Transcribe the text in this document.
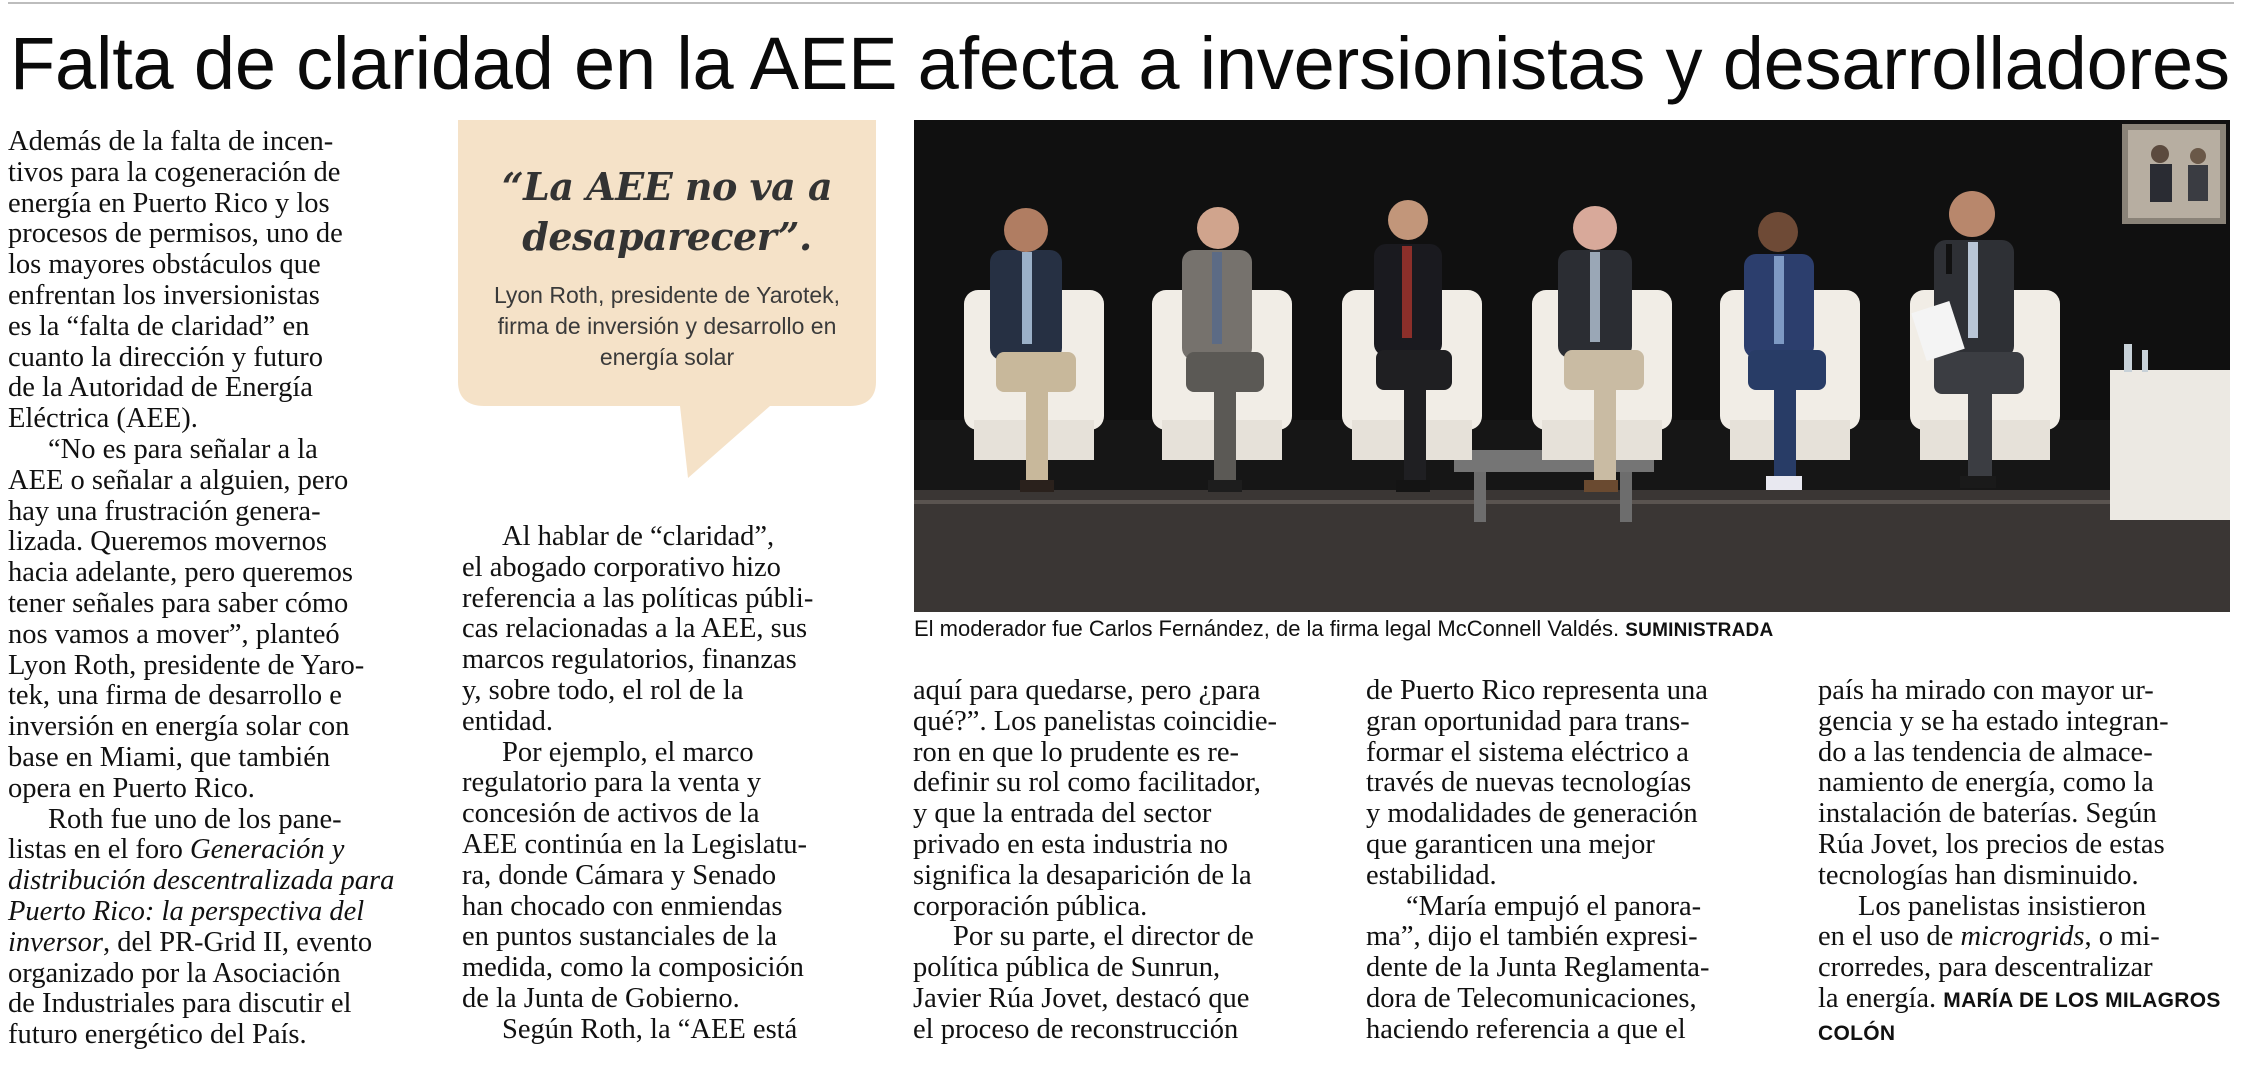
Falta de claridad en la AEE afecta a inversionistas y desarrolladores
Además de la falta de incen-
tivos para la cogeneración de
energía en Puerto Rico y los
procesos de permisos, uno de
los mayores obstáculos que
enfrentan los inversionistas
es la “falta de claridad” en
cuanto la dirección y futuro
de la Autoridad de Energía
Eléctrica (AEE).
“No es para señalar a la
AEE o señalar a alguien, pero
hay una frustración genera-
lizada. Queremos movernos
hacia adelante, pero queremos
tener señales para saber cómo
nos vamos a mover”, planteó
Lyon Roth, presidente de Yaro-
tek, una firma de desarrollo e
inversión en energía solar con
base en Miami, que también
opera en Puerto Rico.
Roth fue uno de los pane-
listas en el foro Generación y
distribución descentralizada para
Puerto Rico: la perspectiva del
inversor, del PR-Grid II, evento
organizado por la Asociación
de Industriales para discutir el
futuro energético del País.

“La AEE no va a
desaparecer”.

Lyon Roth, presidente de Yarotek,
firma de inversión y desarrollo en
energía solar

Al hablar de “claridad”,
el abogado corporativo hizo
referencia a las políticas públi-
cas relacionadas a la AEE, sus
marcos regulatorios, finanzas
y, sobre todo, el rol de la
entidad.
Por ejemplo, el marco
regulatorio para la venta y
concesión de activos de la
AEE continúa en la Legislatu-
ra, donde Cámara y Senado
han chocado con enmiendas
en puntos sustanciales de la
medida, como la composición
de la Junta de Gobierno.
Según Roth, la “AEE está
El moderador fue Carlos Fernández, de la firma legal McConnell Valdés. SUMINISTRADA
aquí para quedarse, pero ¿para
qué?”. Los panelistas coincidie-
ron en que lo prudente es re-
definir su rol como facilitador,
y que la entrada del sector
privado en esta industria no
significa la desaparición de la
corporación pública.
Por su parte, el director de
política pública de Sunrun,
Javier Rúa Jovet, destacó que
el proceso de reconstrucción
de Puerto Rico representa una
gran oportunidad para trans-
formar el sistema eléctrico a
través de nuevas tecnologías
y modalidades de generación
que garanticen una mejor
estabilidad.
“María empujó el panora-
ma”, dijo el también expresi-
dente de la Junta Reglamenta-
dora de Telecomunicaciones,
haciendo referencia a que el
país ha mirado con mayor ur-
gencia y se ha estado integran-
do a las tendencia de almace-
namiento de energía, como la
instalación de baterías. Según
Rúa Jovet, los precios de estas
tecnologías han disminuido.
Los panelistas insistieron
en el uso de microgrids, o mi-
crorredes, para descentralizar
la energía. MARÍA DE LOS MILAGROS
COLÓN
